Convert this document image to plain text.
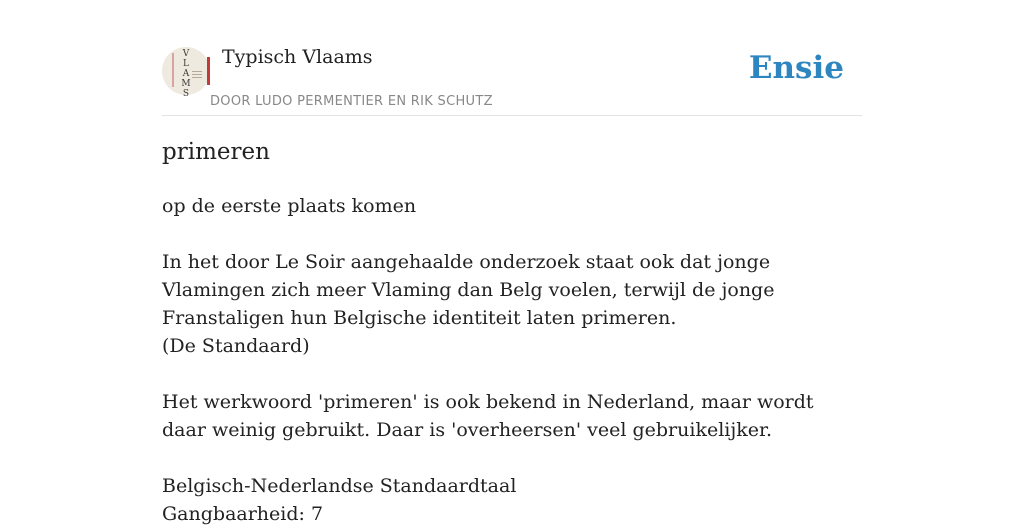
V
L
A
M
S
Typisch Vlaams
DOOR LUDO PERMENTIER EN RIK SCHUTZ
Ensie
primeren

op de eerste plaats komen

In het door Le Soir aangehaalde onderzoek staat ook dat jonge Vlamingen zich meer Vlaming dan Belg voelen, terwijl de jonge Franstaligen hun Belgische identiteit laten primeren.

(De Standaard)

Het werkwoord 'primeren' is ook bekend in Nederland, maar wordt daar weinig gebruikt. Daar is 'overheersen' veel gebruikelijker.

Belgisch-Nederlandse Standaardtaal

Gangbaarheid: 7
